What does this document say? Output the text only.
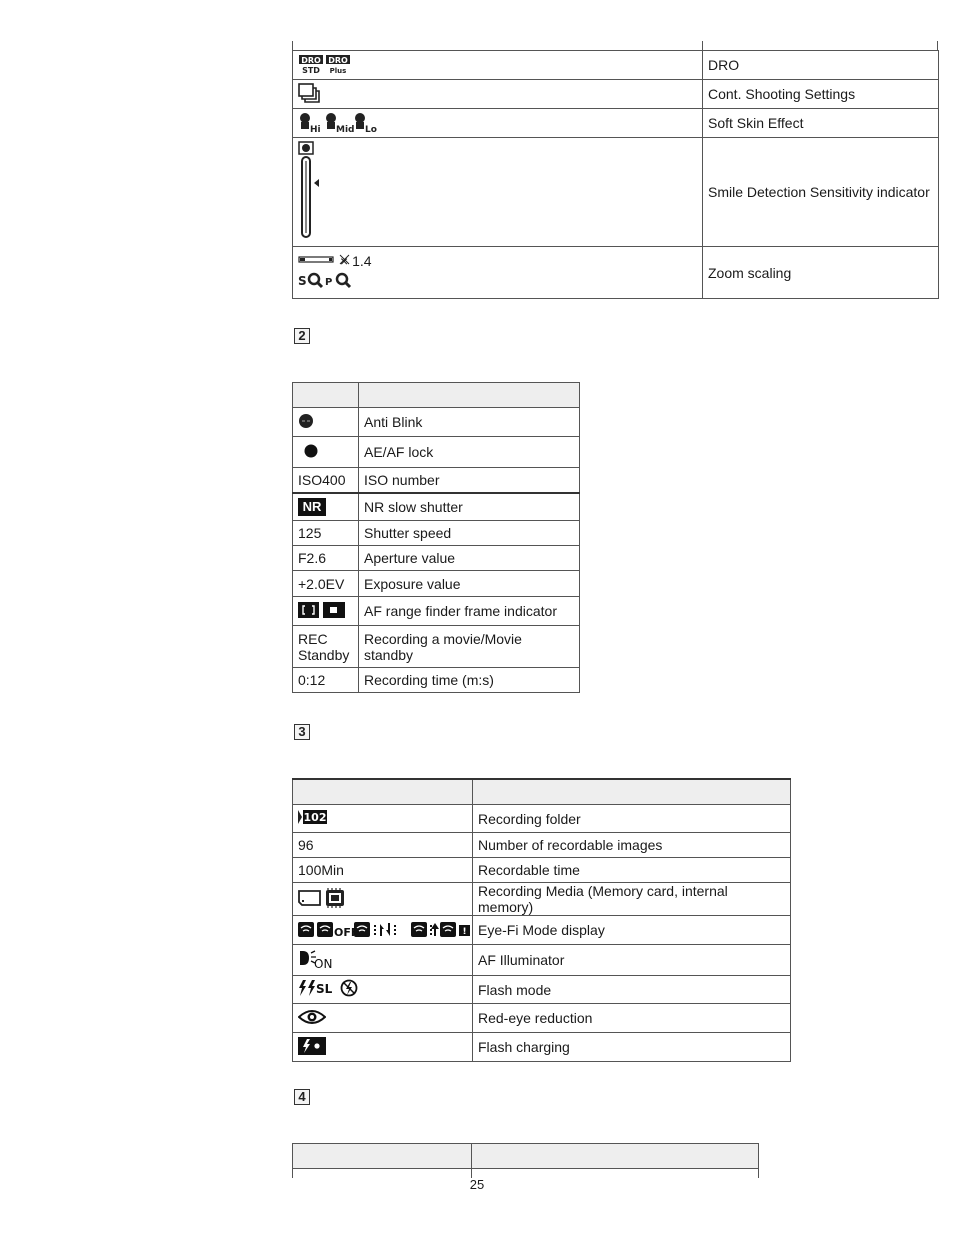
DRO
STD
DRO
Plus	DRO
	Cont. Shooting Settings

Hi Mid Lo	Soft Skin Effect
	Smile Detection Sensitivity indicator

× 1.4
S P	Zoom scaling
2

	Anti Blink
	AE/AF lock
ISO400	ISO number
NR	NR slow shutter
125	Shutter speed
F2.6	Aperture value
+2.0EV	Exposure value
	AF range finder frame indicator

REC
Standby	Recording a movie/Movie standby
0:12	Recording time (m:s)
3

102	Recording folder
96	Number of recordable images
100Min	Recordable time
	Recording Media (Memory card, internal memory)

OFF !	Eye-Fi Mode display

ON	AF Illuminator

SL	Flash mode
	Red-eye reduction
	Flash charging
4

25
